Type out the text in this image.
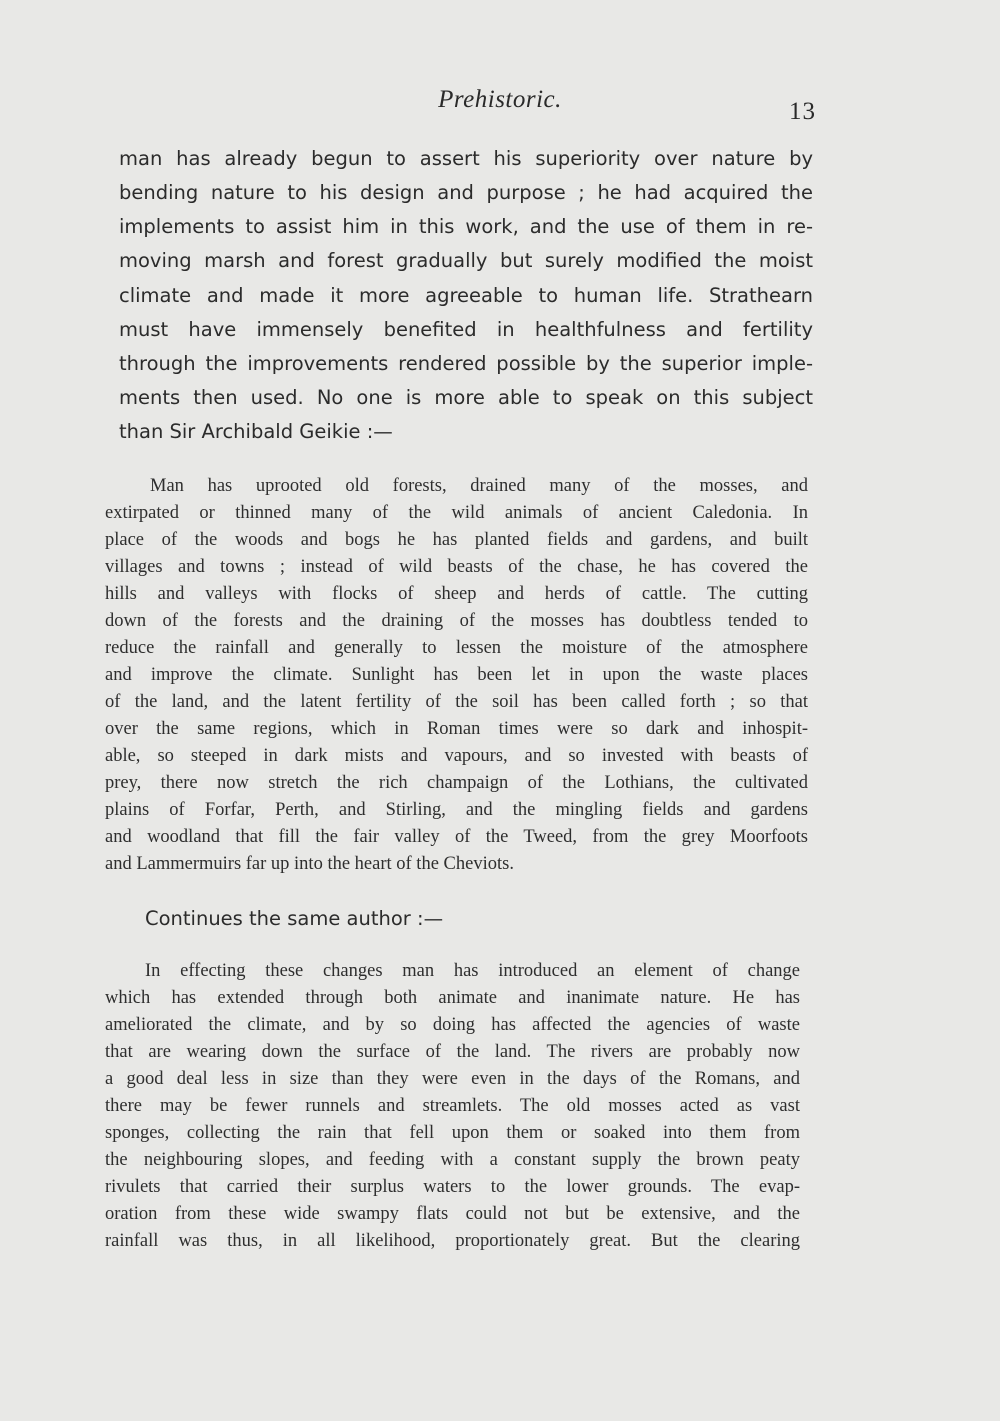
Prehistoric.	13
man has already begun to assert his superiority over nature by
bending nature to his design and purpose ; he had acquired the
implements to assist him in this work, and the use of them in re-
moving marsh and forest gradually but surely modified the moist
climate and made it more agreeable to human life. Strathearn
must have immensely benefited in healthfulness and fertility
through the improvements rendered possible by the superior imple-
ments then used. No one is more able to speak on this subject
than Sir Archibald Geikie :—
Man has uprooted old forests, drained many of the mosses, and
extirpated or thinned many of the wild animals of ancient Caledonia. In
place of the woods and bogs he has planted fields and gardens, and built
villages and towns ; instead of wild beasts of the chase, he has covered the
hills and valleys with flocks of sheep and herds of cattle. The cutting
down of the forests and the draining of the mosses has doubtless tended to
reduce the rainfall and generally to lessen the moisture of the atmosphere
and improve the climate. Sunlight has been let in upon the waste places
of the land, and the latent fertility of the soil has been called forth ; so that
over the same regions, which in Roman times were so dark and inhospit-
able, so steeped in dark mists and vapours, and so invested with beasts of
prey, there now stretch the rich champaign of the Lothians, the cultivated
plains of Forfar, Perth, and Stirling, and the mingling fields and gardens
and woodland that fill the fair valley of the Tweed, from the grey Moorfoots
and Lammermuirs far up into the heart of the Cheviots.
Continues the same author :—
In effecting these changes man has introduced an element of change
which has extended through both animate and inanimate nature. He has
ameliorated the climate, and by so doing has affected the agencies of waste
that are wearing down the surface of the land. The rivers are probably now
a good deal less in size than they were even in the days of the Romans, and
there may be fewer runnels and streamlets. The old mosses acted as vast
sponges, collecting the rain that fell upon them or soaked into them from
the neighbouring slopes, and feeding with a constant supply the brown peaty
rivulets that carried their surplus waters to the lower grounds. The evap-
oration from these wide swampy flats could not but be extensive, and the
rainfall was thus, in all likelihood, proportionately great. But the clearing
